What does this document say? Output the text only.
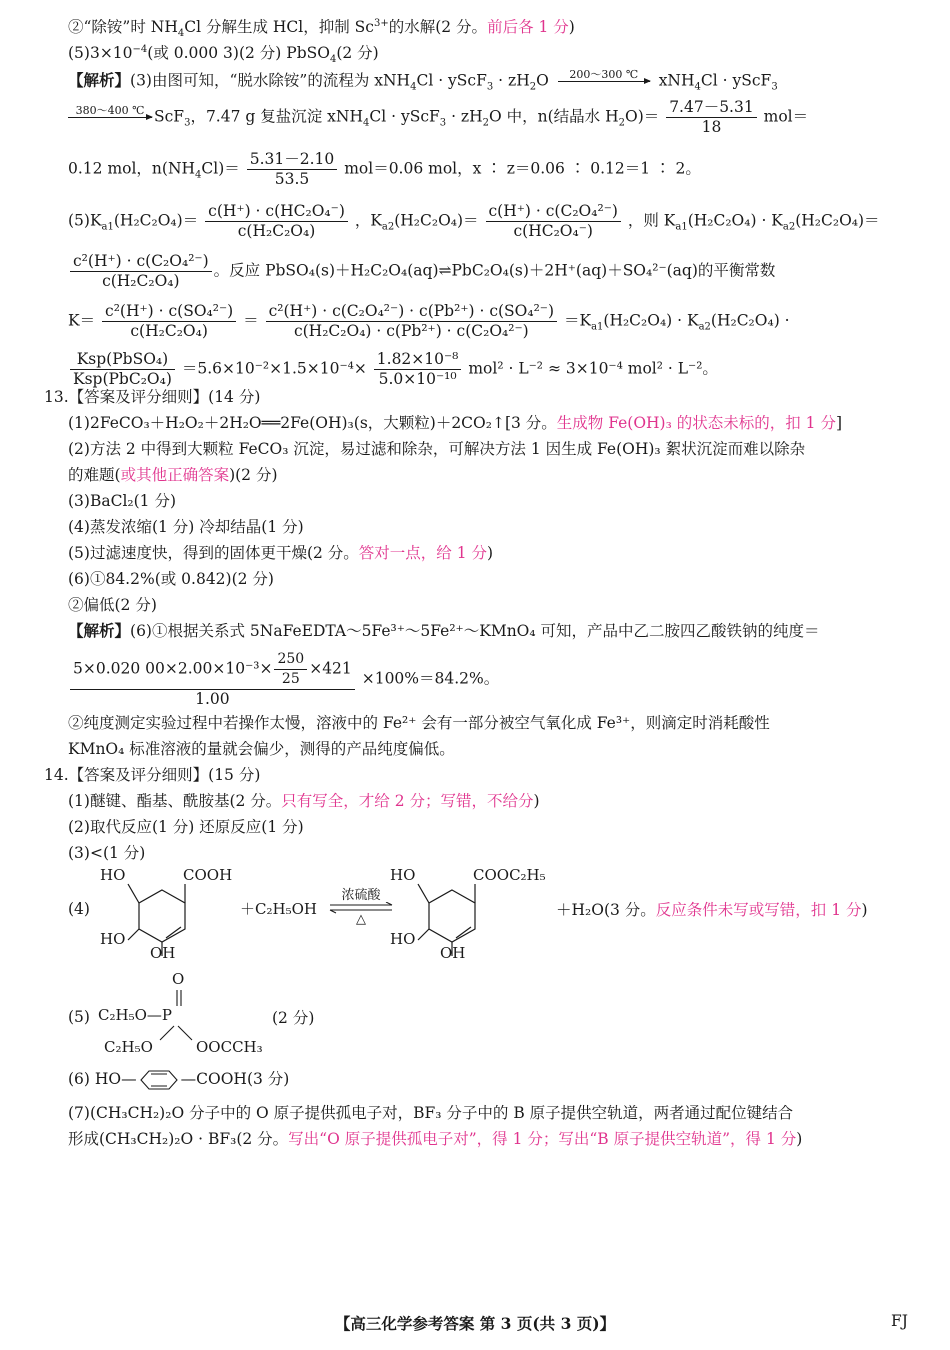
②“除铵”时 $NH_4Cl$ 分解生成 HCl，抑制 $Sc^{3+}$的水解(2 分。前后各 1 分)
$(5)3\times 10^{-4}$(或 0.000 3)(2 分) PbSO$_4$(2 分)
【解析】(3)由图可知，“脱水除铵”的流程为 xNH$_4$Cl · yScF$_3$ · $zH_2O$	200～300 ℃
	xNH$_4$Cl · yScF$_3$
380～400 ℃
ScF$_3$，7.47 g 复盐沉淀 xNH$_4$Cl · yScF$_3$ · $zH_2O$ 中，n(结晶水 $H_2O)= \frac{7.47-5.31}{18} mol=$
0.12 mol，$n(NH_4Cl)= \frac{5.31-2.10}{53.5} mol=0.06$ mol，x ∶ z＝0.06 ∶ 0.12＝1 ∶ 2。
$(5)K_{a1}(H_2C_2O_4)= \frac{\text{c(H⁺) · c(HC₂O₄⁻)}}{\text{c(H₂C₂O₄)}}$ ，$K_{a2}(H_2C_2O_4)= \frac{\text{c(H⁺) · c(C₂O₄²⁻)}}{\text{c(HC₂O₄⁻)}}$ ，则 $K_{a1}(H_2C_2O_4) \cdot K_{a2}(H_2C_2O_4)=$
$\frac{\text{c²(H⁺) · c(C₂O₄²⁻)}}{\text{c(H₂C₂O₄)}}$ 。反应 PbSO₄(s)＋H₂C₂O₄(aq)⇌PbC₂O₄(s)＋2H⁺(aq)＋SO₄²⁻(aq)的平衡常数
$K= \frac{\text{c²(H⁺) · c(SO₄²⁻)}}{\text{c(H₂C₂O₄)}} = \frac{\text{c²(H⁺) · c(C₂O₄²⁻) · c(Pb²⁺) · c(SO₄²⁻)}}{\text{c(H₂C₂O₄) · c(Pb²⁺) · c(C₂O₄²⁻)}} =K_{a1}(H_2C_2O_4) \cdot K_{a2}(H_2C_2O_4)$ ·
$\frac{\text{Ksp(PbSO₄)}}{\text{Ksp(PbC₂O₄)}} =5.6\times 10^{-2}\times 1.5\times 10^{-4}\times \frac{\text{1.82×10⁻⁸}}{\text{5.0×10⁻¹⁰}} mol^2 \cdot L^{-2} \approx 3\times 10^{-4}$ mol² · L⁻²。
13.【答案及评分细则】(14 分)
(1)2FeCO₃＋H₂O₂＋2H₂O══2Fe(OH)₃(s，大颗粒)＋2CO₂↑[3 分。生成物 Fe(OH)₃ 的状态未标的，扣 1 分]
(2)方法 2 中得到大颗粒 FeCO₃ 沉淀，易过滤和除杂，可解决方法 1 因生成 Fe(OH)₃ 絮状沉淀而难以除杂
的难题(或其他正确答案)(2 分)
(3)BaCl₂(1 分)
(4)蒸发浓缩(1 分) 冷却结晶(1 分)
(5)过滤速度快，得到的固体更干燥(2 分。答对一点，给 1 分)
(6)①84.2%(或 0.842)(2 分)
②偏低(2 分)
【解析】(6)①根据关系式 5NaFeEDTA～5Fe³⁺～5Fe²⁺～KMnO₄ 可知，产品中乙二胺四乙酸铁钠的纯度＝
$\frac{5\times 0.020 00\times 2.00\times 10^{-3}\times \frac{250}{25} \times 421}{1.00} \times 100\%=84.2\%$。
②纯度测定实验过程中若操作太慢，溶液中的 Fe²⁺ 会有一部分被空气氧化成 Fe³⁺，则滴定时消耗酸性
KMnO₄ 标准溶液的量就会偏少，测得的产品纯度偏低。
14.【答案及评分细则】(15 分)
(1)醚键、酯基、酰胺基(2 分。只有写全，才给 2 分；写错，不给分)
(2)取代反应(1 分) 还原反应(1 分)
(3)<(1 分)
(4)
HO	COOH
HO
OH
＋C₂H₅OH
浓硫酸
△
HO	COOC₂H₅
HO
OH
＋H₂O(3 分。反应条件未写或写错，扣 1 分)
(5)
O
C₂H₅O—P
C₂H₅O	OOCCH₃
(2 分)
(6) HO—	—COOH(3 分)
(7)(CH₃CH₂)₂O 分子中的 O 原子提供孤电子对，BF₃ 分子中的 B 原子提供空轨道，两者通过配位键结合
形成(CH₃CH₂)₂O · BF₃(2 分。写出“O 原子提供孤电子对”，得 1 分；写出“B 原子提供空轨道”，得 1 分)
【高三化学参考答案 第 3 页(共 3 页)】	FJ
